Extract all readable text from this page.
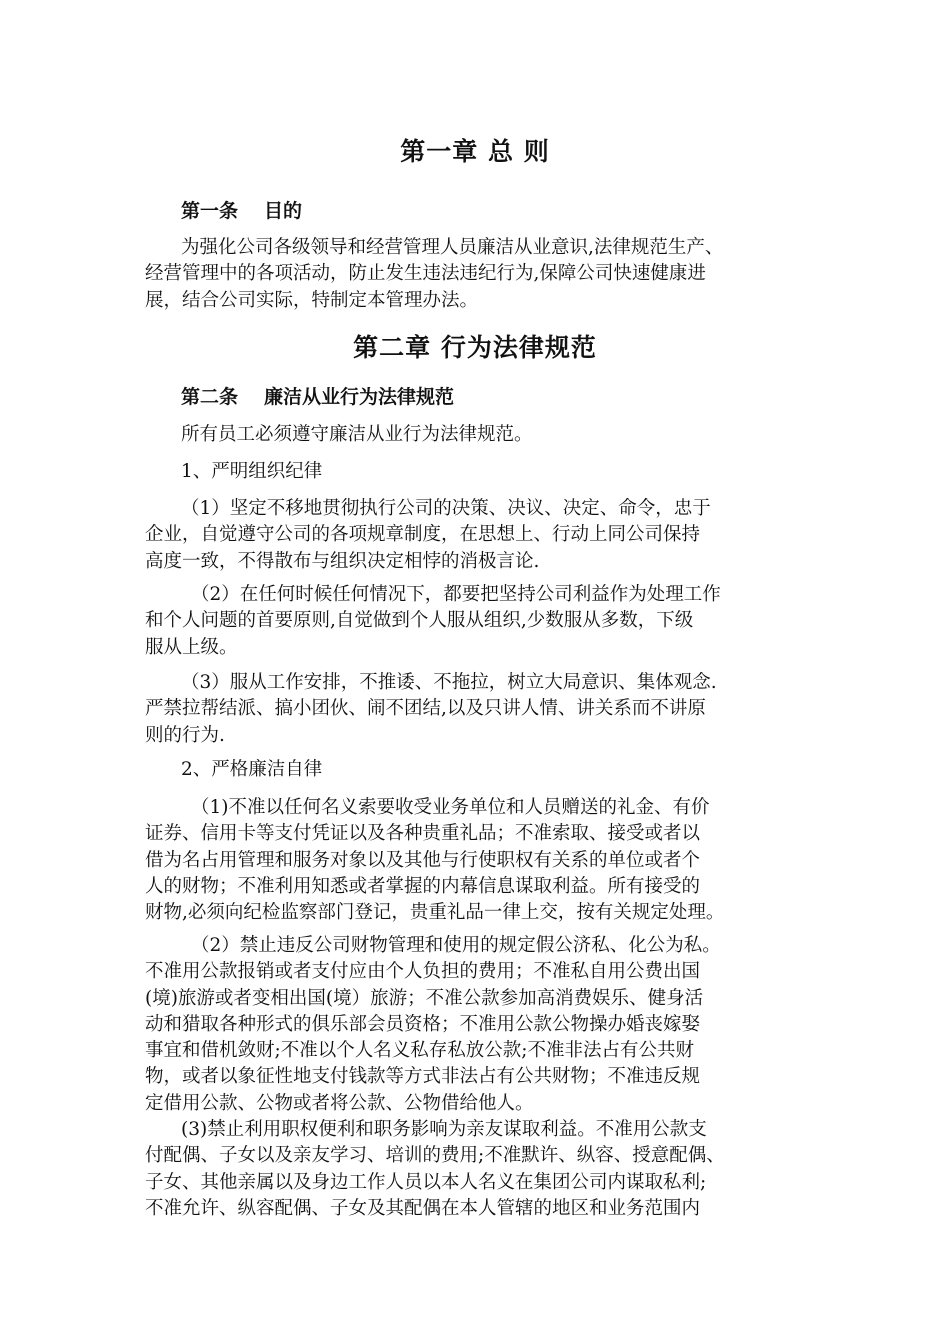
第一章 总 则
第一条 目的
为强化公司各级领导和经营管理人员廉洁从业意识,法律规范生产、
经营管理中的各项活动，防止发生违法违纪行为,保障公司快速健康进
展，结合公司实际，特制定本管理办法。
第二章 行为法律规范
第二条 廉洁从业行为法律规范
所有员工必须遵守廉洁从业行为法律规范。
1、严明组织纪律
（1）坚定不移地贯彻执行公司的决策、决议、决定、命令，忠于
企业，自觉遵守公司的各项规章制度，在思想上、行动上同公司保持
高度一致，不得散布与组织决定相悖的消极言论.
（2）在任何时候任何情况下，都要把坚持公司利益作为处理工作
和个人问题的首要原则,自觉做到个人服从组织,少数服从多数，下级
服从上级。
（3）服从工作安排，不推诿、不拖拉，树立大局意识、集体观念.
严禁拉帮结派、搞小团伙、闹不团结,以及只讲人情、讲关系而不讲原
则的行为.
2、严格廉洁自律
（1)不准以任何名义索要收受业务单位和人员赠送的礼金、有价
证券、信用卡等支付凭证以及各种贵重礼品；不准索取、接受或者以
借为名占用管理和服务对象以及其他与行使职权有关系的单位或者个
人的财物；不准利用知悉或者掌握的内幕信息谋取利益。所有接受的
财物,必须向纪检监察部门登记，贵重礼品一律上交，按有关规定处理。
（2）禁止违反公司财物管理和使用的规定假公济私、化公为私。
不准用公款报销或者支付应由个人负担的费用；不准私自用公费出国
(境)旅游或者变相出国(境）旅游；不准公款参加高消费娱乐、健身活
动和猎取各种形式的俱乐部会员资格；不准用公款公物操办婚丧嫁娶
事宜和借机敛财;不准以个人名义私存私放公款;不准非法占有公共财
物，或者以象征性地支付钱款等方式非法占有公共财物；不准违反规
定借用公款、公物或者将公款、公物借给他人。
(3)禁止利用职权便利和职务影响为亲友谋取利益。不准用公款支
付配偶、子女以及亲友学习、培训的费用;不准默许、纵容、授意配偶、
子女、其他亲属以及身边工作人员以本人名义在集团公司内谋取私利;
不准允许、纵容配偶、子女及其配偶在本人管辖的地区和业务范围内
